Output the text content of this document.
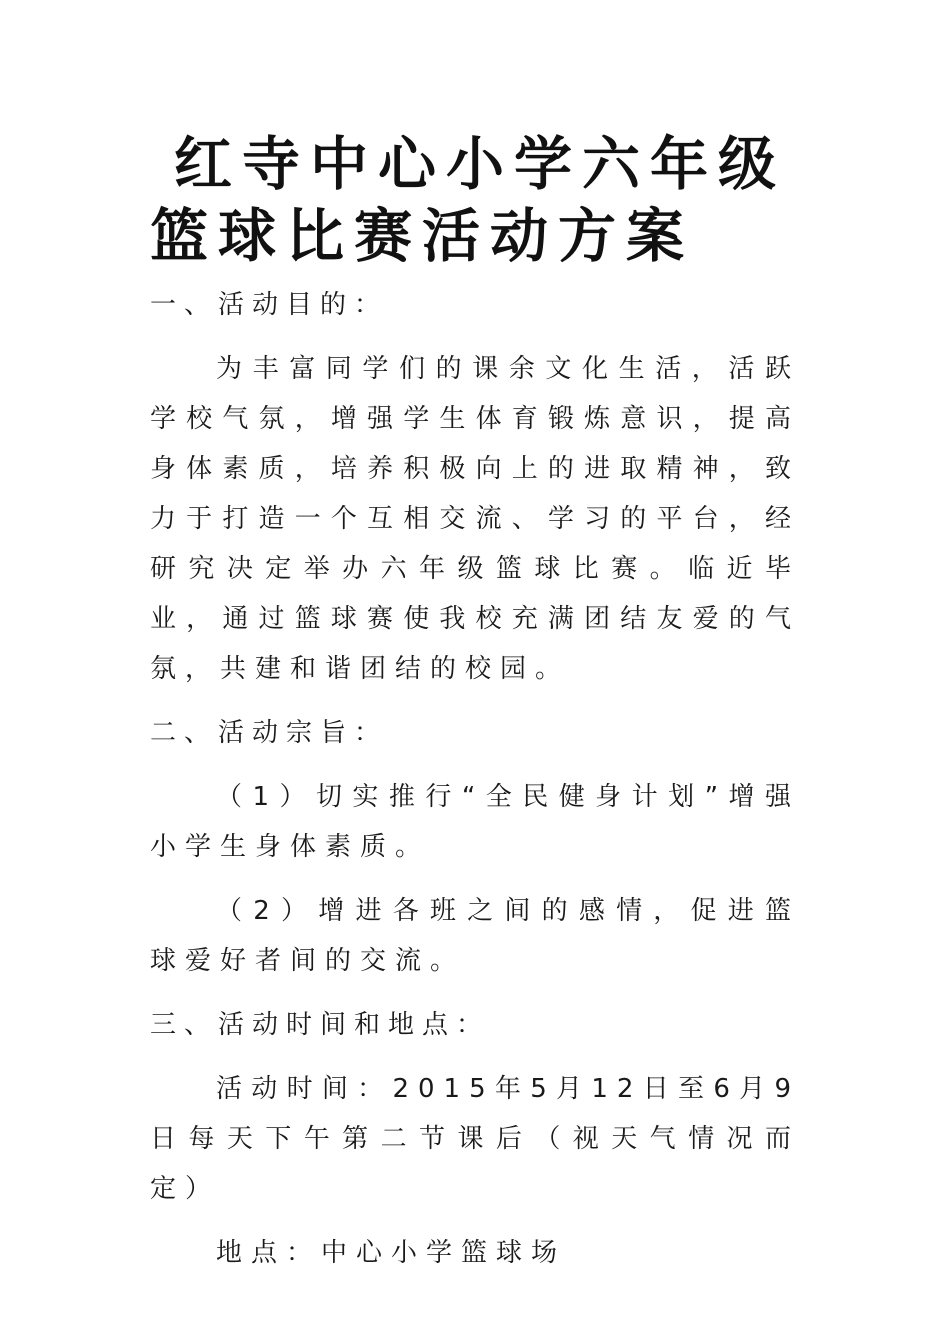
红寺中心小学六年级
篮球比赛活动方案
一、活动目的：

为丰富同学们的课余文化生活，活跃学校气氛，增强学生体育锻炼意识，提高身体素质，培养积极向上的进取精神，致力于打造一个互相交流、学习的平台，经研究决定举办六年级篮球比赛。临近毕业，通过篮球赛使我校充满团结友爱的气氛，共建和谐团结的校园。

二、活动宗旨：

（1）切实推行“全民健身计划”增强小学生身体素质。

（2）增进各班之间的感情，促进篮球爱好者间的交流。

三、活动时间和地点：

活动时间：2015年5月12日至6月9日每天下午第二节课后（视天气情况而定）

地点：中心小学篮球场
